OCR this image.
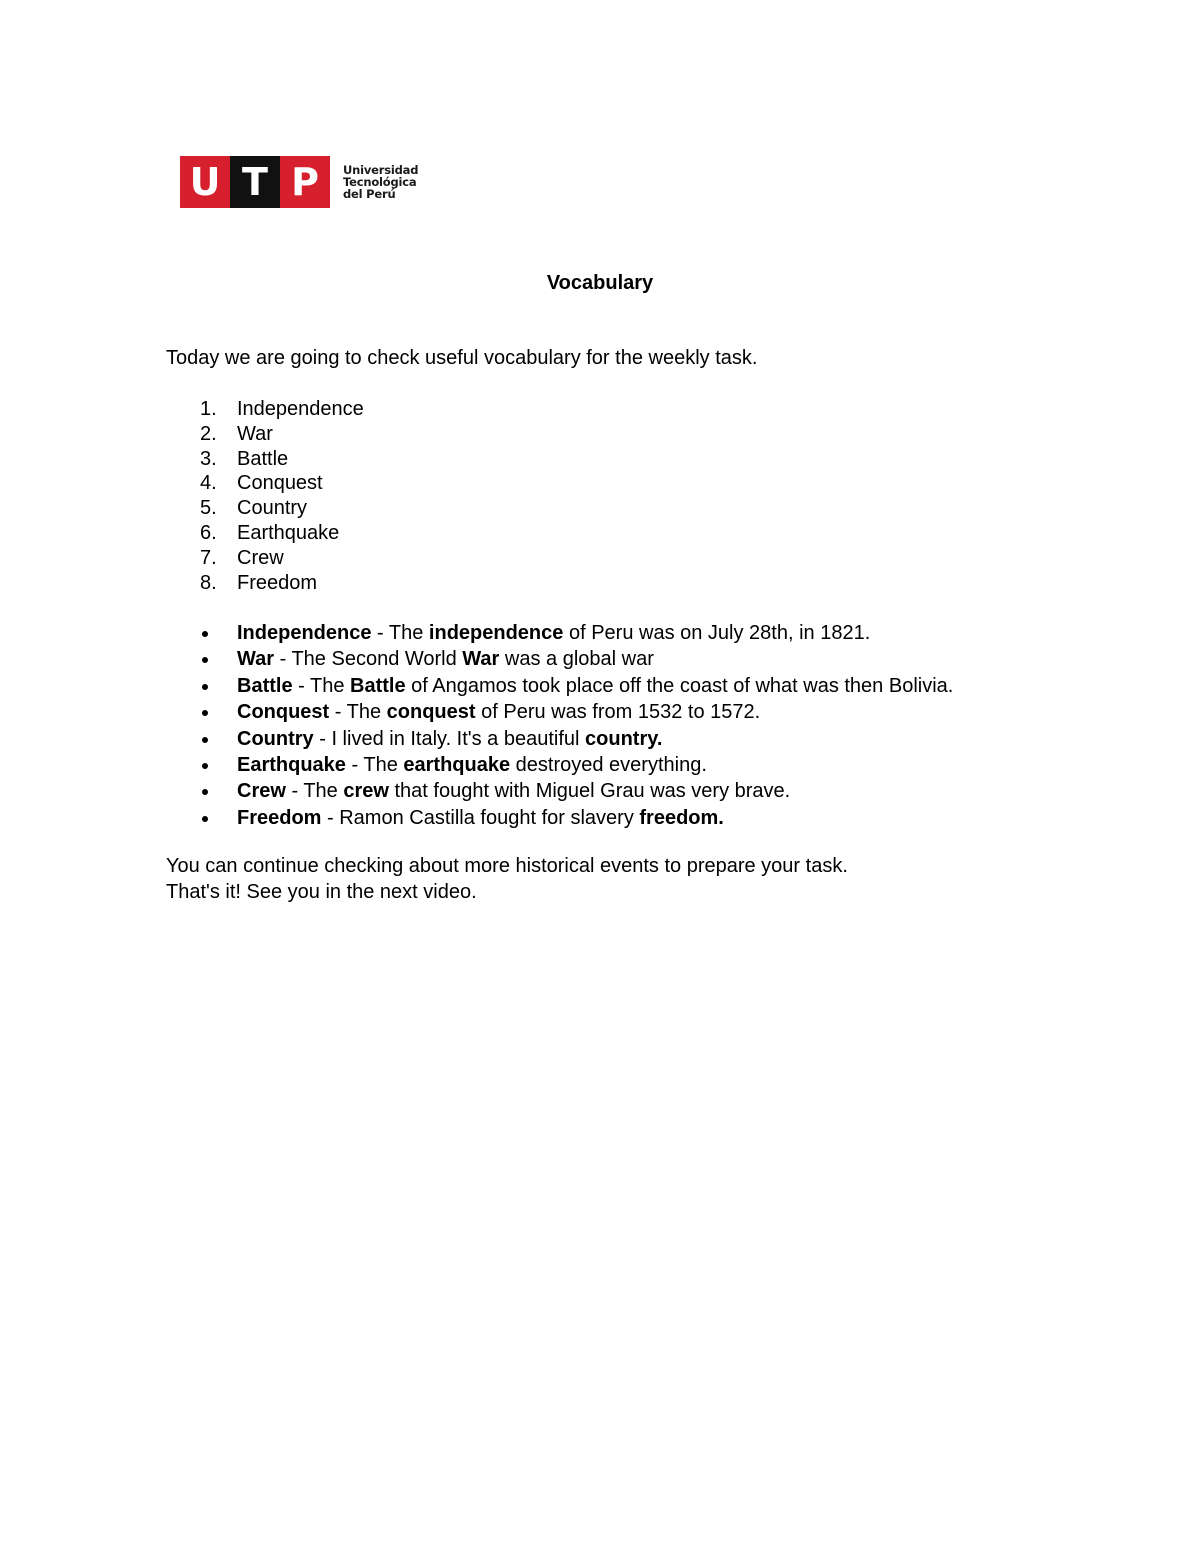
U T P	Universidad
Tecnológica
del Perú
Vocabulary
Today we are going to check useful vocabulary for the weekly task.
1. Independence
2. War
3. Battle
4. Conquest
5. Country
6. Earthquake
7. Crew
8. Freedom
Independence - The independence of Peru was on July 28th, in 1821.
War - The Second World War was a global war
Battle - The Battle of Angamos took place off the coast of what was then Bolivia.
Conquest - The conquest of Peru was from 1532 to 1572.
Country - I lived in Italy. It's a beautiful country.
Earthquake - The earthquake destroyed everything.
Crew - The crew that fought with Miguel Grau was very brave.
Freedom - Ramon Castilla fought for slavery freedom.
You can continue checking about more historical events to prepare your task.
That's it! See you in the next video.
